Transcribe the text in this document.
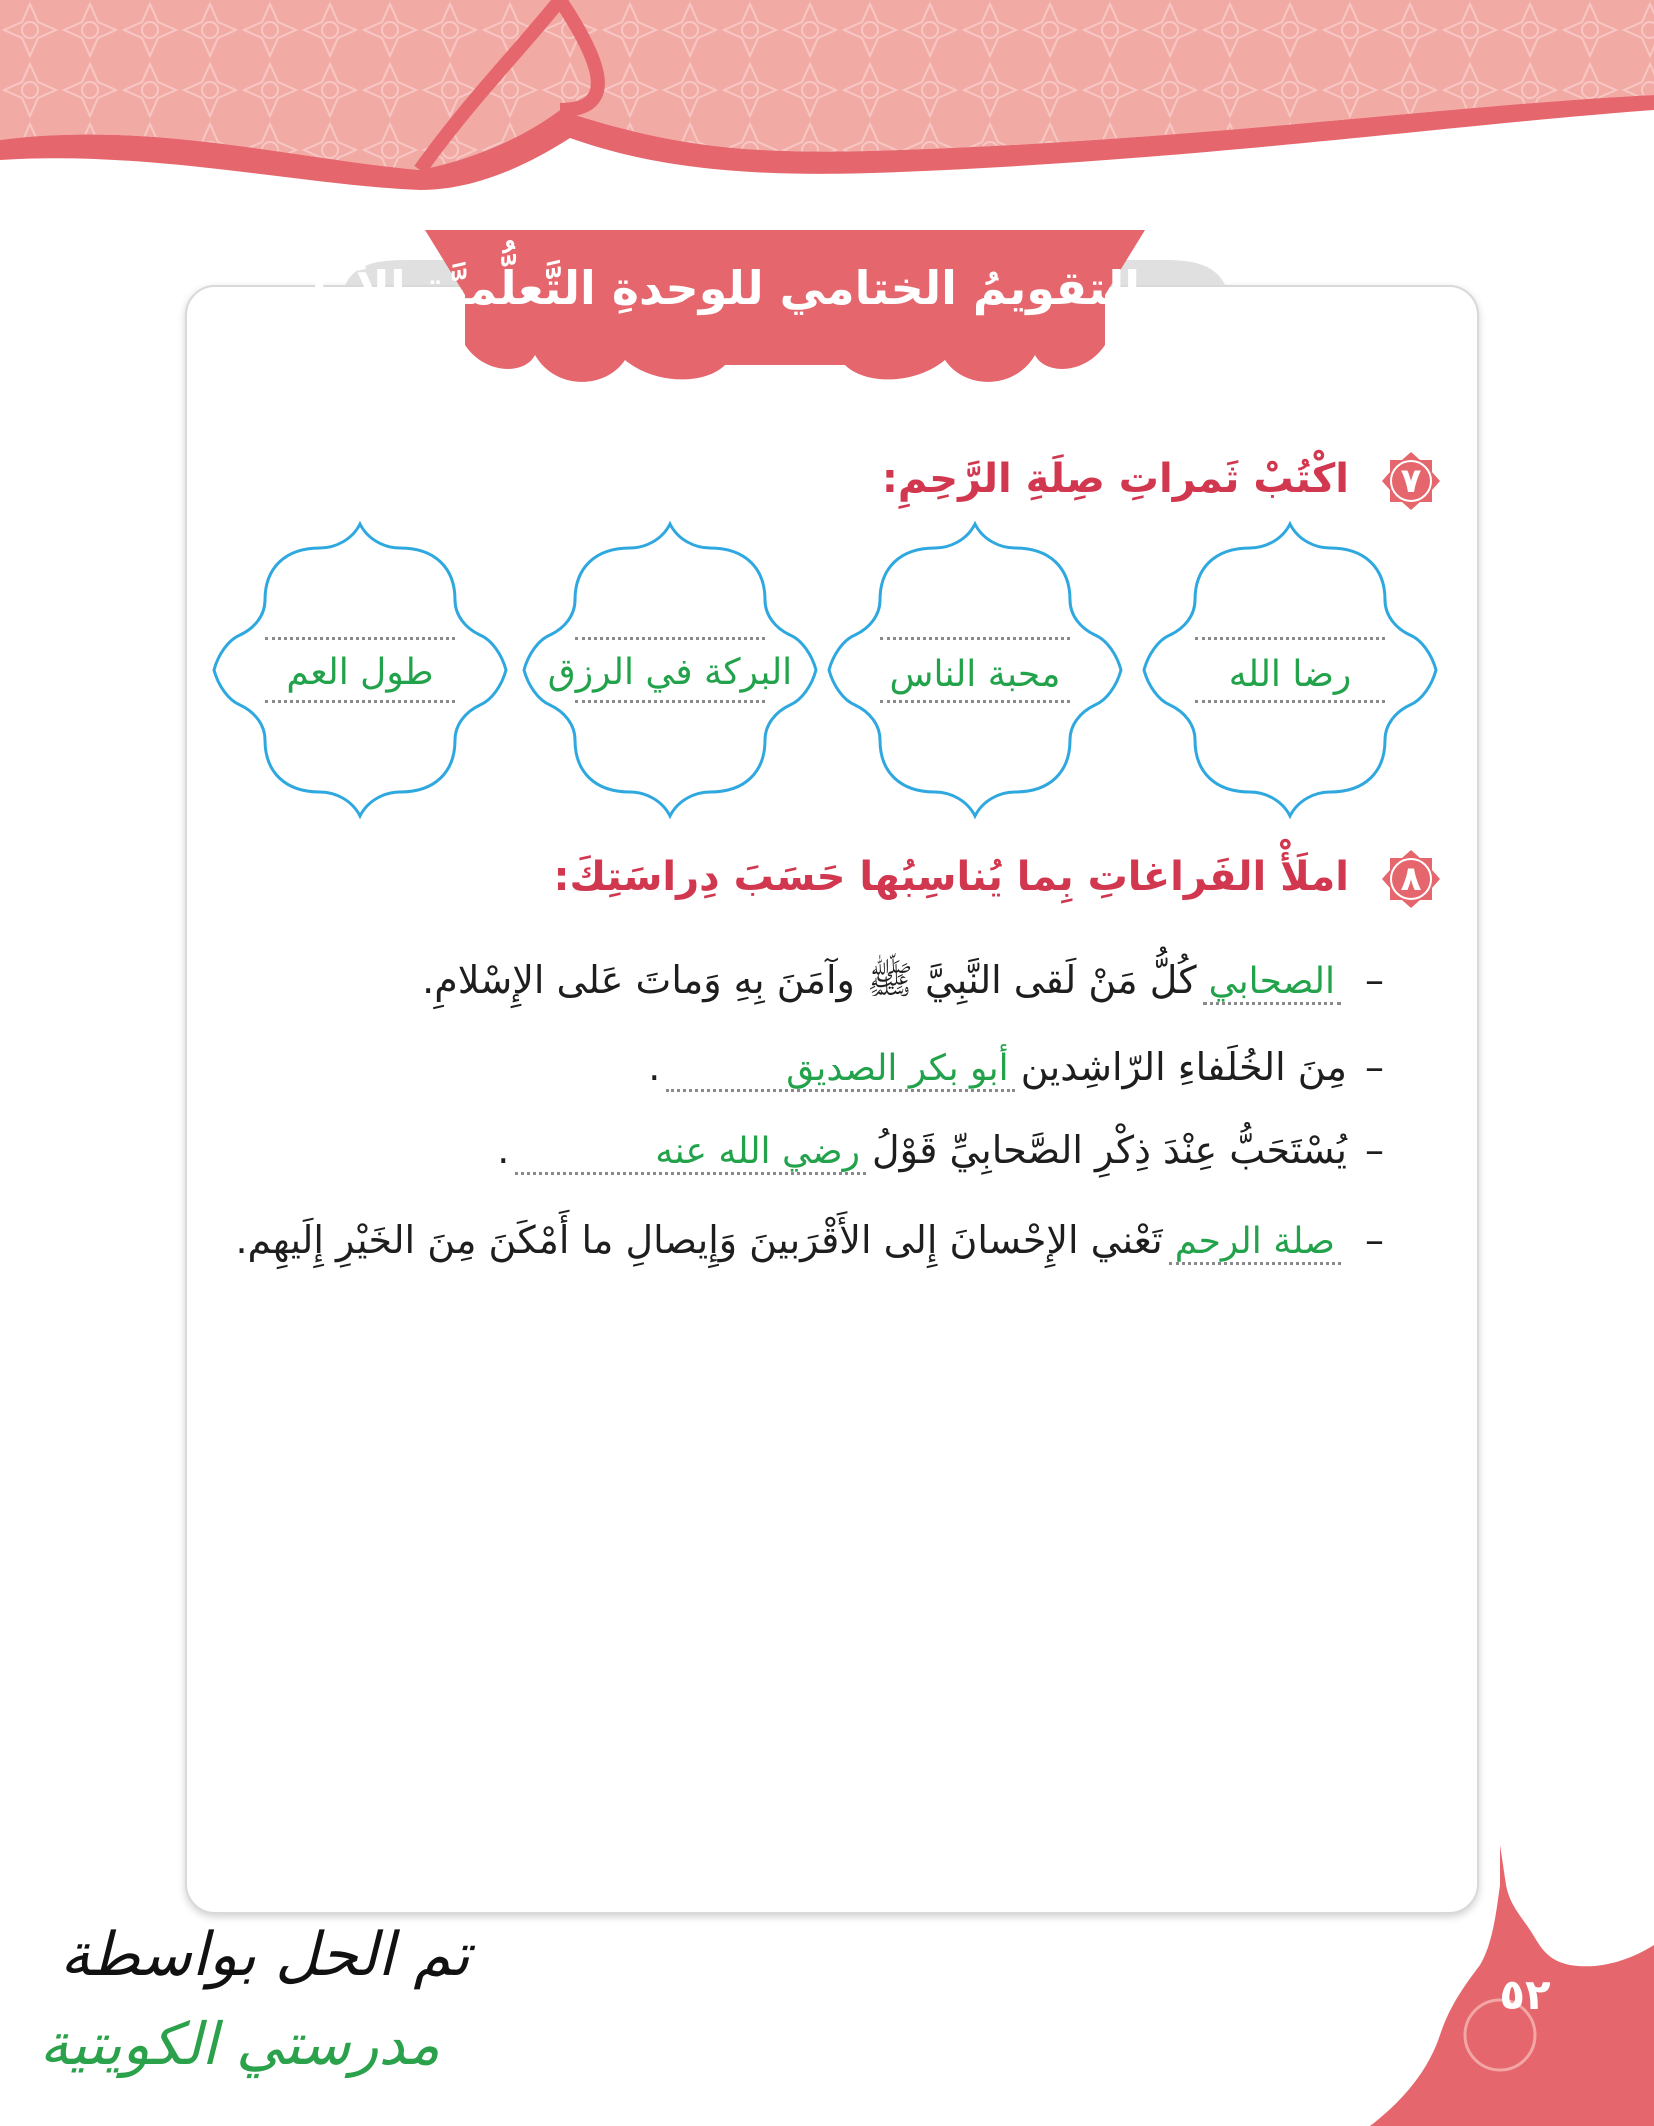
التقويمُ الختامي للوحدةِ التَّعلُّميَّةِ الأولى
٧
اكْتُبْ ثَمراتِ صِلَةِ الرَّحِمِ:
رضا الله
محبة الناس
البركة في الرزق
طول العم
٨
املَأْ الفَراغاتِ بِما يُناسِبُها حَسَبَ دِراسَتِكَ:
–الصحابيكُلُّ مَنْ لَقى النَّبِيَّ ﷺ وآمَنَ بِهِ وَماتَ عَلى الإِسْلامِ.
–مِنَ الخُلَفاءِ الرّاشِدينأبو بكر الصديق.
–يُسْتَحَبُّ عِنْدَ ذِكْرِ الصَّحابِيِّ قَوْلُرضي الله عنه.
–صلة الرحمتَعْني الإِحْسانَ إِلى الأَقْرَبينَ وَإِيصالِ ما أَمْكَنَ مِنَ الخَيْرِ إِلَيهِم.
٥٢
تم الحل بواسطة
مدرستي الكويتية
